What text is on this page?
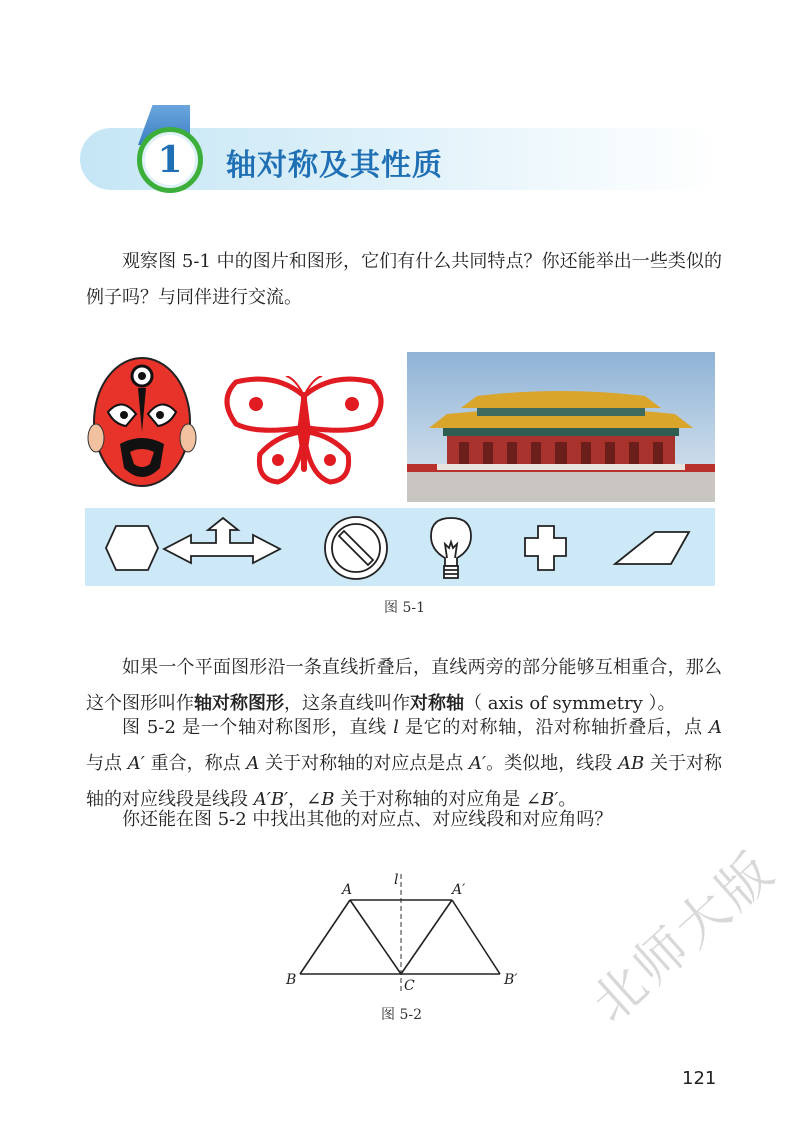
1 轴对称及其性质
观察图 5-1 中的图片和图形，它们有什么共同特点？你还能举出一些类似的例子吗？与同伴进行交流。
图 5-1
如果一个平面图形沿一条直线折叠后，直线两旁的部分能够互相重合，那么这个图形叫作轴对称图形，这条直线叫作对称轴（ axis of symmetry ）。
图 5-2 是一个轴对称图形，直线 l 是它的对称轴，沿对称轴折叠后，点 A 与点 A′ 重合，称点 A 关于对称轴的对应点是点 A′。类似地，线段 AB 关于对称轴的对应线段是线段 A′B′，∠B 关于对称轴的对应角是 ∠B′。
你还能在图 5-2 中找出其他的对应点、对应线段和对应角吗？
l
A	A′
B	B′
C
图 5-2	北师大版
121
